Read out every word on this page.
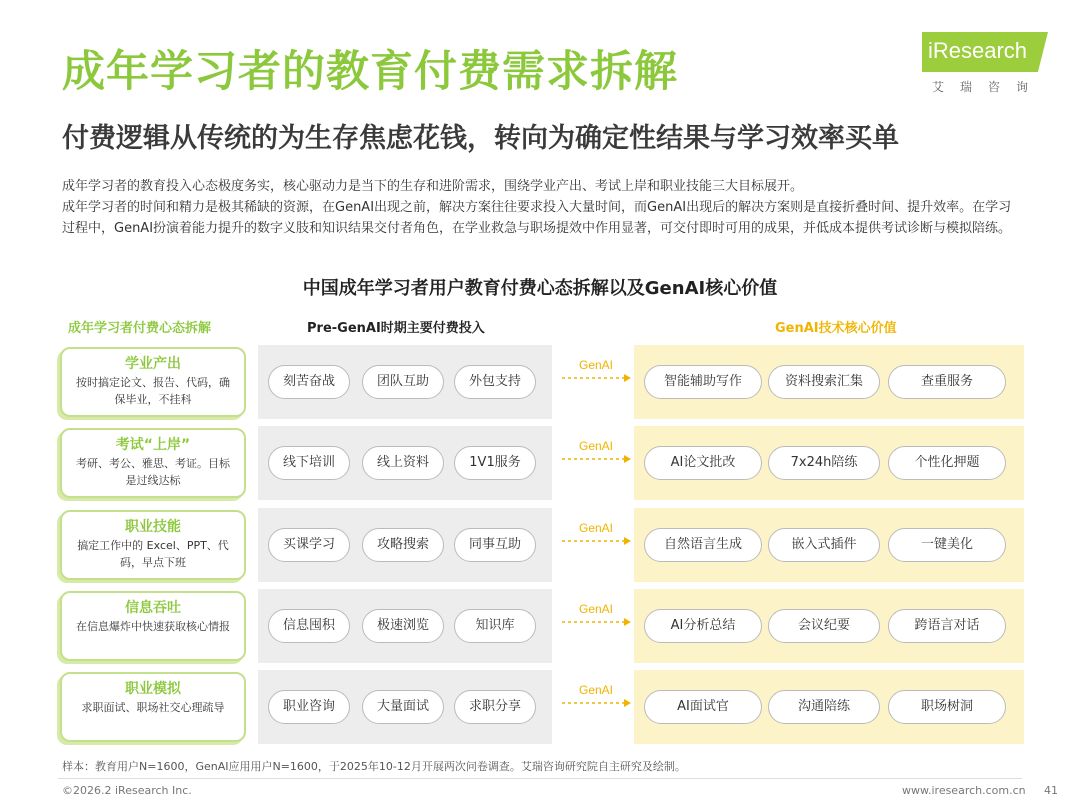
成年学习者的教育付费需求拆解
付费逻辑从传统的为生存焦虑花钱，转向为确定性结果与学习效率买单
iResearch
艾瑞咨询

成年学习者的教育投入心态极度务实，核心驱动力是当下的生存和进阶需求，围绕学业产出、考试上岸和职业技能三大目标展开。

成年学习者的时间和精力是极其稀缺的资源，在GenAI出现之前，解决方案往往要求投入大量时间，而GenAI出现后的解决方案则是直接折叠时间、提升效率。在学习过程中，GenAI扮演着能力提升的数字义肢和知识结果交付者角色，在学业救急与职场提效中作用显著，可交付即时可用的成果，并低成本提供考试诊断与模拟陪练。

中国成年学习者用户教育付费心态拆解以及GenAI核心价值
成年学习者付费心态拆解	Pre-GenAI时期主要付费投入	GenAI技术核心价值
学业产出
按时搞定论文、报告、代码，确保毕业，不挂科
刻苦奋战	团队互助	外包支持
GenAI
智能辅助写作	资料搜索汇集	查重服务
考试“上岸”
考研、考公、雅思、考证。目标是过线达标
线下培训	线上资料	1V1服务
GenAI
AI论文批改	7x24h陪练	个性化押题
职业技能
搞定工作中的 Excel、PPT、代码，早点下班
买课学习	攻略搜索	同事互助
GenAI
自然语言生成	嵌入式插件	一键美化
信息吞吐
在信息爆炸中快速获取核心情报	信息囤积	极速浏览	知识库
GenAI
AI分析总结	会议纪要	跨语言对话
职业模拟
求职面试、职场社交心理疏导	职业咨询	大量面试	求职分享
GenAI
AI面试官	沟通陪练	职场树洞
样本：教育用户N=1600，GenAI应用用户N=1600，于2025年10-12月开展两次问卷调查。艾瑞咨询研究院自主研究及绘制。
©2026.2 iResearch Inc.	www.iresearch.com.cn 41
